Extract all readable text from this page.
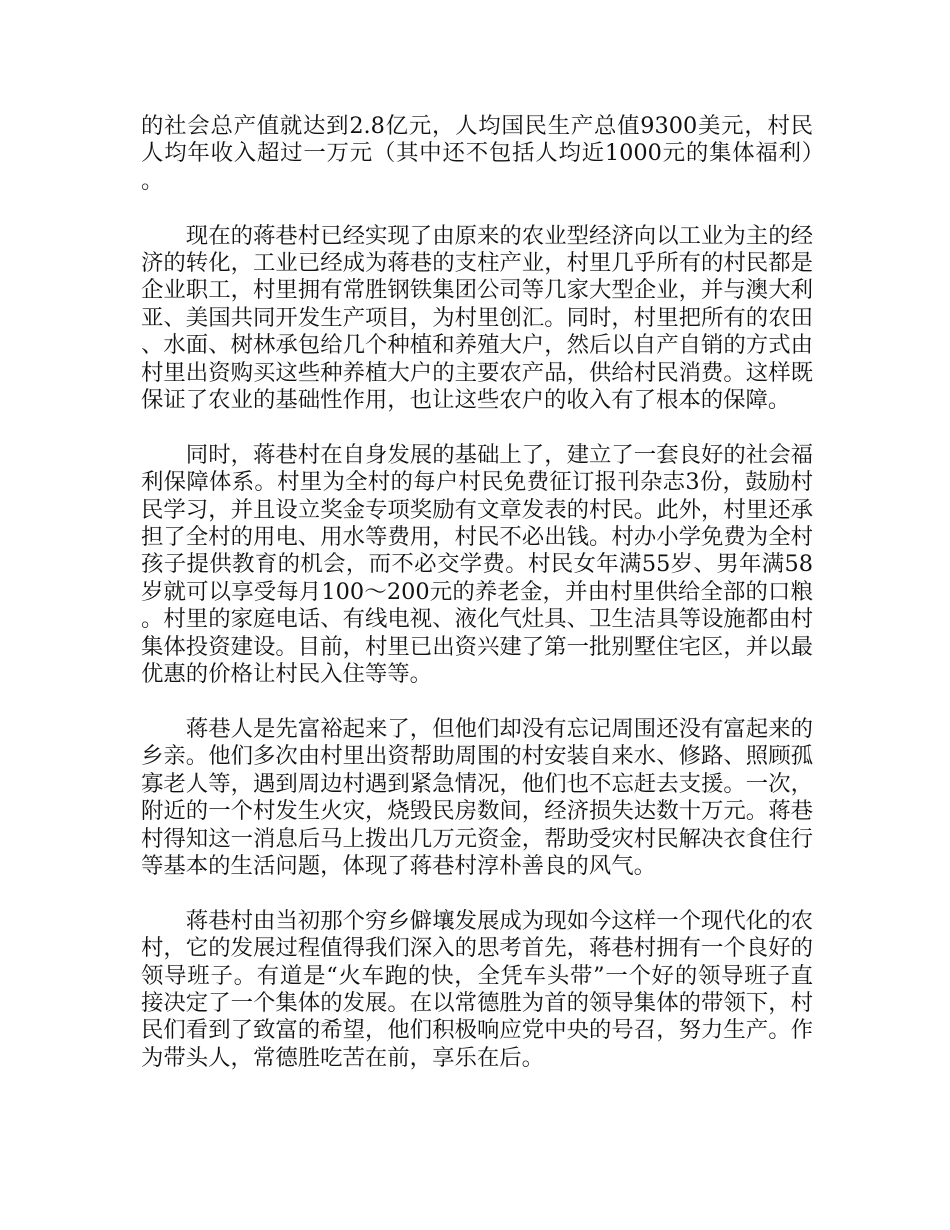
的社会总产值就达到2.8亿元，人均国民生产总值9300美元，村民人均年收入超过一万元（其中还不包括人均近1000元的集体福利）。

现在的蒋巷村已经实现了由原来的农业型经济向以工业为主的经济的转化，工业已经成为蒋巷的支柱产业，村里几乎所有的村民都是企业职工，村里拥有常胜钢铁集团公司等几家大型企业，并与澳大利亚、美国共同开发生产项目，为村里创汇。同时，村里把所有的农田、水面、树林承包给几个种植和养殖大户，然后以自产自销的方式由村里出资购买这些种养植大户的主要农产品，供给村民消费。这样既保证了农业的基础性作用，也让这些农户的收入有了根本的保障。

同时，蒋巷村在自身发展的基础上了，建立了一套良好的社会福利保障体系。村里为全村的每户村民免费征订报刊杂志3份，鼓励村民学习，并且设立奖金专项奖励有文章发表的村民。此外，村里还承担了全村的用电、用水等费用，村民不必出钱。村办小学免费为全村孩子提供教育的机会，而不必交学费。村民女年满55岁、男年满58岁就可以享受每月100～200元的养老金，并由村里供给全部的口粮。村里的家庭电话、有线电视、液化气灶具、卫生洁具等设施都由村集体投资建设。目前，村里已出资兴建了第一批别墅住宅区，并以最优惠的价格让村民入住等等。

蒋巷人是先富裕起来了，但他们却没有忘记周围还没有富起来的乡亲。他们多次由村里出资帮助周围的村安装自来水、修路、照顾孤寡老人等，遇到周边村遇到紧急情况，他们也不忘赶去支援。一次，附近的一个村发生火灾，烧毁民房数间，经济损失达数十万元。蒋巷村得知这一消息后马上拨出几万元资金，帮助受灾村民解决衣食住行等基本的生活问题，体现了蒋巷村淳朴善良的风气。

蒋巷村由当初那个穷乡僻壤发展成为现如今这样一个现代化的农村，它的发展过程值得我们深入的思考首先，蒋巷村拥有一个良好的领导班子。有道是“火车跑的快，全凭车头带”一个好的领导班子直接决定了一个集体的发展。在以常德胜为首的领导集体的带领下，村民们看到了致富的希望，他们积极响应党中央的号召，努力生产。作为带头人，常德胜吃苦在前，享乐在后。
